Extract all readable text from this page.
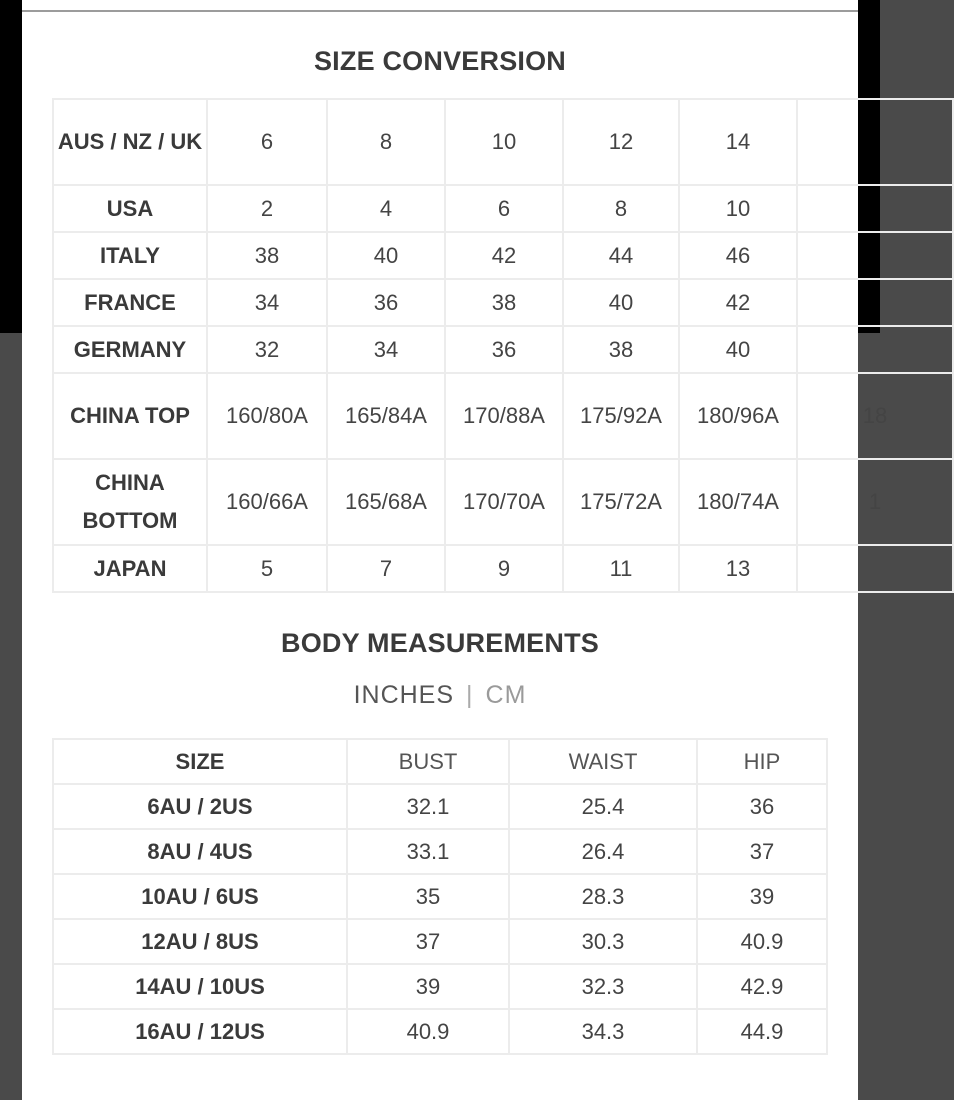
SIZE CONVERSION
AUS / NZ / UK	6	8	10	12	14	
USA	2	4	6	8	10	
ITALY	38	40	42	44	46	
FRANCE	34	36	38	40	42	
GERMANY	32	34	36	38	40	
CHINA TOP	160/80A	165/84A	170/88A	175/92A	180/96A	18
CHINA BOTTOM	160/66A	165/68A	170/70A	175/72A	180/74A	1
JAPAN	5	7	9	11	13	
BODY MEASUREMENTS
INCHES | CM
SIZE	BUST	WAIST	HIP
6AU / 2US	32.1	25.4	36
8AU / 4US	33.1	26.4	37
10AU / 6US	35	28.3	39
12AU / 8US	37	30.3	40.9
14AU / 10US	39	32.3	42.9
16AU / 12US	40.9	34.3	44.9
